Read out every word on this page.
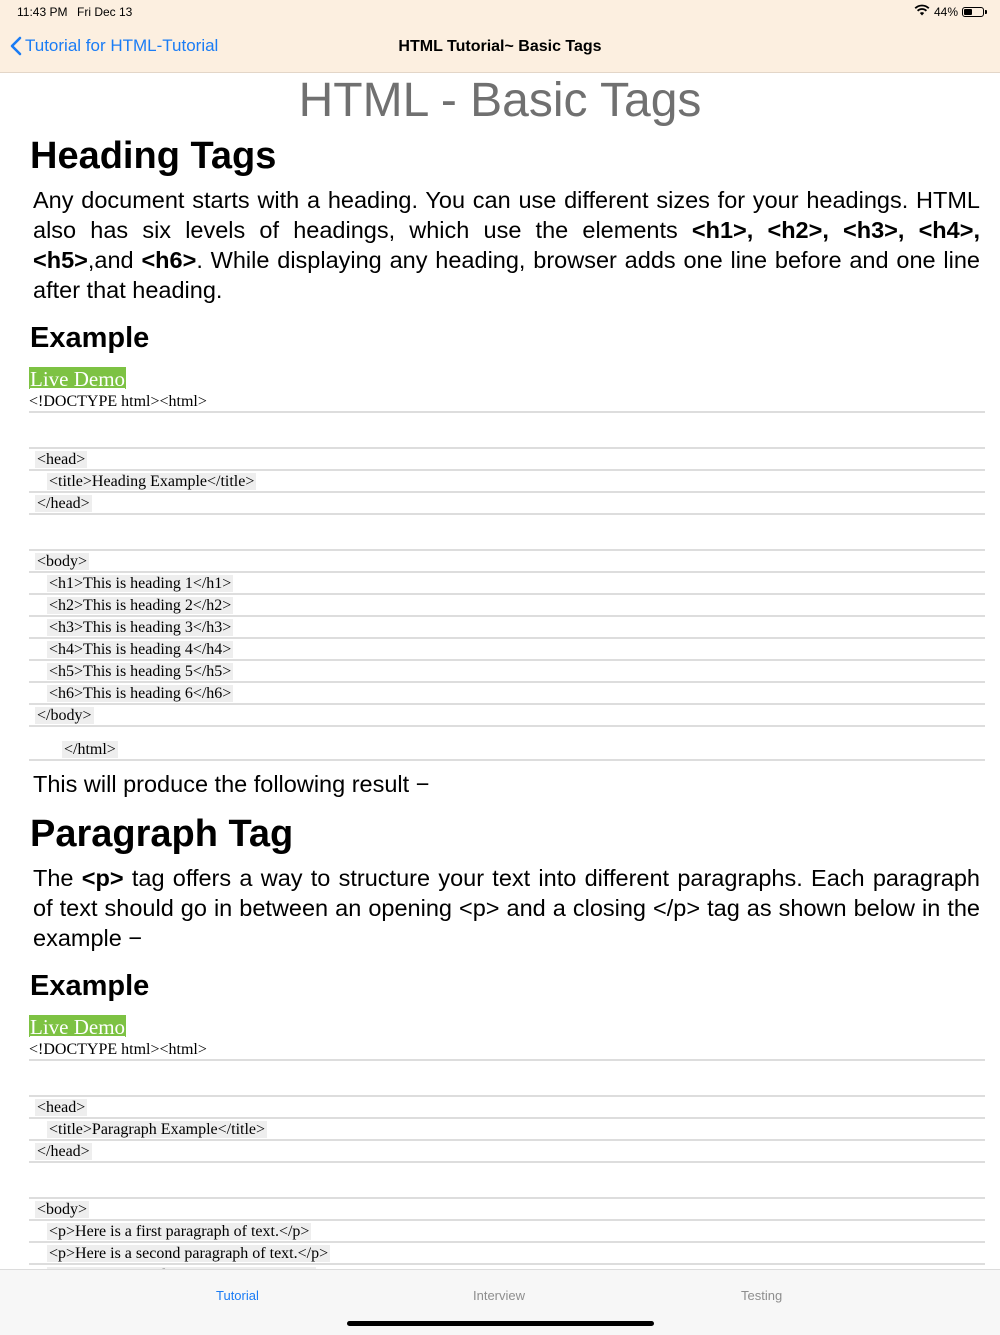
11:43 PM Fri Dec 13	44%
Tutorial for HTML-Tutorial	HTML Tutorial~ Basic Tags
HTML - Basic Tags
Heading Tags
Any document starts with a heading. You can use different sizes for your headings. HTML also has six levels of headings, which use the elements <h1>, <h2>, <h3>, <h4>, <h5>,and <h6>. While displaying any heading, browser adds one line before and one line after that heading.
Example
Live Demo
<!DOCTYPE html><html>
<head>
<title>Heading Example</title>
</head>
<body>
<h1>This is heading 1</h1>
<h2>This is heading 2</h2>
<h3>This is heading 3</h3>
<h4>This is heading 4</h4>
<h5>This is heading 5</h5>
<h6>This is heading 6</h6>
</body>
</html>
This will produce the following result −
Paragraph Tag
The <p> tag offers a way to structure your text into different paragraphs. Each paragraph of text should go in between an opening <p> and a closing </p> tag as shown below in the example −
Example
Live Demo
<!DOCTYPE html><html>
<head>
<title>Paragraph Example</title>
</head>
<body>
<p>Here is a first paragraph of text.</p>
<p>Here is a second paragraph of text.</p>
Tutorial	Interview	Testing
